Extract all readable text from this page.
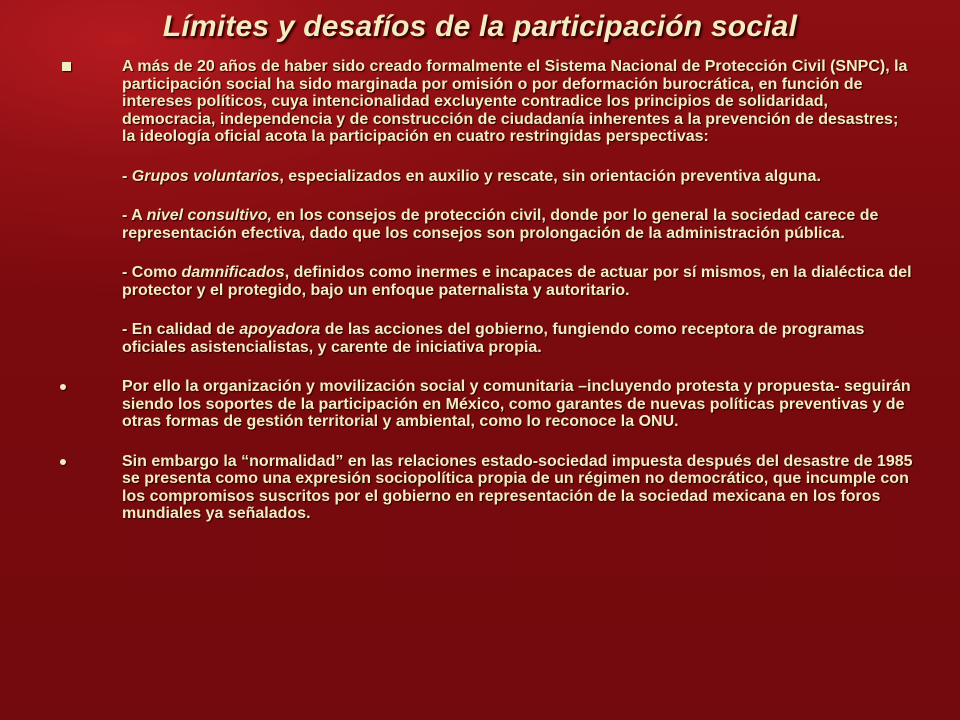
Límites y desafíos de la participación social

A más de 20 años de haber sido creado formalmente el Sistema Nacional de Protección Civil (SNPC), la participación social ha sido marginada por omisión o por deformación burocrática, en función de intereses políticos, cuya intencionalidad excluyente contradice los principios de solidaridad, democracia, independencia y de construcción de ciudadanía inherentes a la prevención de desastres; la ideología oficial acota la participación en cuatro restringidas perspectivas:

- Grupos voluntarios, especializados en auxilio y rescate, sin orientación preventiva alguna.

- A nivel consultivo, en los consejos de protección civil, donde por lo general la sociedad carece de representación efectiva, dado que los consejos son prolongación de la administración pública.

- Como damnificados, definidos como inermes e incapaces de actuar por sí mismos, en la dialéctica del protector y el protegido, bajo un enfoque paternalista y autoritario.

- En calidad de apoyadora de las acciones del gobierno, fungiendo como receptora de programas oficiales asistencialistas, y carente de iniciativa propia.

Por ello la organización y movilización social y comunitaria –incluyendo protesta y propuesta- seguirán siendo los soportes de la participación en México, como garantes de nuevas políticas preventivas y de otras formas de gestión territorial y ambiental, como lo reconoce la ONU.

Sin embargo la “normalidad” en las relaciones estado-sociedad impuesta después del desastre de 1985 se presenta como una expresión sociopolítica propia de un régimen no democrático, que incumple con los compromisos suscritos por el gobierno en representación de la sociedad mexicana en los foros mundiales ya señalados.
